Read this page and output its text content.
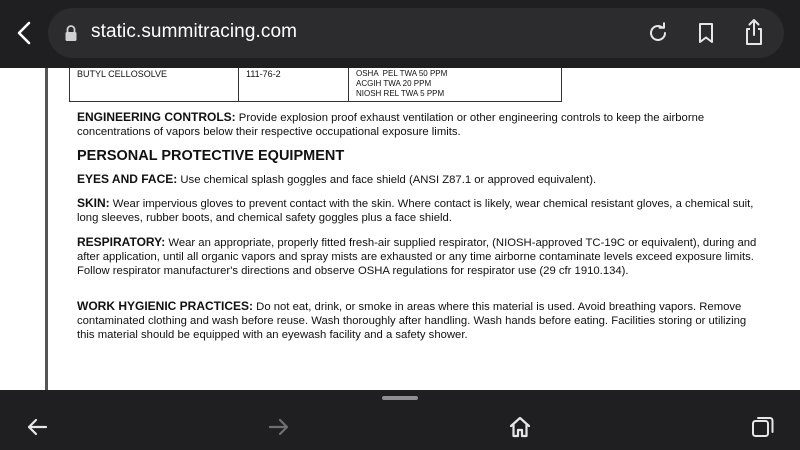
static.summitracing.com
BUTYL CELLOSOLVE	111-76-2	OSHA  PEL TWA 50 PPM
ACGIH TWA 20 PPM
NIOSH REL TWA 5 PPM

ENGINEERING CONTROLS: Provide explosion proof exhaust ventilation or other engineering controls to keep the airborne concentrations of vapors below their respective occupational exposure limits.

PERSONAL PROTECTIVE EQUIPMENT

EYES AND FACE: Use chemical splash goggles and face shield (ANSI Z87.1 or approved equivalent).

SKIN: Wear impervious gloves to prevent contact with the skin. Where contact is likely, wear chemical resistant gloves, a chemical suit, long sleeves, rubber boots, and chemical safety goggles plus a face shield.

RESPIRATORY: Wear an appropriate, properly fitted fresh-air supplied respirator, (NIOSH-approved TC-19C or equivalent), during and after application, until all organic vapors and spray mists are exhausted or any time airborne contaminate levels exceed exposure limits. Follow respirator manufacturer's directions and observe OSHA regulations for respirator use (29 cfr 1910.134).

WORK HYGIENIC PRACTICES: Do not eat, drink, or smoke in areas where this material is used. Avoid breathing vapors. Remove contaminated clothing and wash before reuse. Wash thoroughly after handling. Wash hands before eating. Facilities storing or utilizing this material should be equipped with an eyewash facility and a safety shower.
